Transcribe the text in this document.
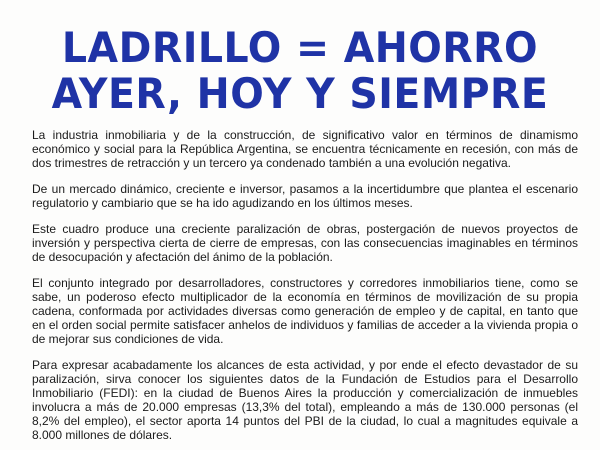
LADRILLO = AHORRO
AYER, HOY Y SIEMPRE

La industria inmobiliaria y de la construcción, de significativo valor en términos de dinamismo económico y social para la República Argentina, se encuentra técnicamente en recesión, con más de dos trimestres de retracción y un tercero ya condenado también a una evolución negativa.

De un mercado dinámico, creciente e inversor, pasamos a la incertidumbre que plantea el escenario regulatorio y cambiario que se ha ido agudizando en los últimos meses.

Este cuadro produce una creciente paralización de obras, postergación de nuevos proyectos de inversión y perspectiva cierta de cierre de empresas, con las consecuencias imaginables en términos de desocupación y afectación del ánimo de la población.

El conjunto integrado por desarrolladores, constructores y corredores inmobiliarios tiene, como se sabe, un poderoso efecto multiplicador de la economía en términos de movilización de su propia cadena, conformada por actividades diversas como generación de empleo y de capital, en tanto que en el orden social permite satisfacer anhelos de individuos y familias de acceder a la vivienda propia o de mejorar sus condiciones de vida.

Para expresar acabadamente los alcances de esta actividad, y por ende el efecto devastador de su paralización, sirva conocer los siguientes datos de la Fundación de Estudios para el Desarrollo Inmobiliario (FEDI): en la ciudad de Buenos Aires la producción y comercialización de inmuebles involucra a más de 20.000 empresas (13,3% del total), empleando a más de 130.000 personas (el 8,2% del empleo), el sector aporta 14 puntos del PBI de la ciudad, lo cual a magnitudes equivale a 8.000 millones de dólares.
